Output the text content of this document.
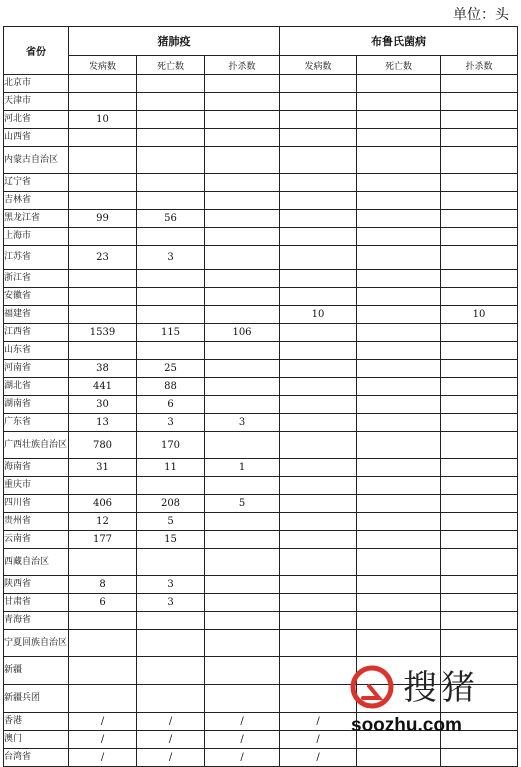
单位：头
省份	猪肺疫			布鲁氏菌病		
	发病数	死亡数	扑杀数	发病数	死亡数	扑杀数
北京市						
天津市						
河北省	10					
山西省						
内蒙古自治区						
辽宁省						
吉林省						
黑龙江省	99	56				
上海市						
江苏省	23	3				
浙江省						
安徽省						
福建省				10		10
江西省	1539	115	106			
山东省						
河南省	38	25				
湖北省	441	88				
湖南省	30	6				
广东省	13	3	3			
广西壮族自治区	780	170				
海南省	31	11	1			
重庆市						
四川省	406	208	5			
贵州省	12	5				
云南省	177	15				
西藏自治区						
陕西省	8	3				
甘肃省	6	3				
青海省						
宁夏回族自治区						
新疆						
新疆兵团						
香港	/	/	/	/		
澳门	/	/	/	/		
台湾省	/	/	/	/		
搜猪
soozhu.com
